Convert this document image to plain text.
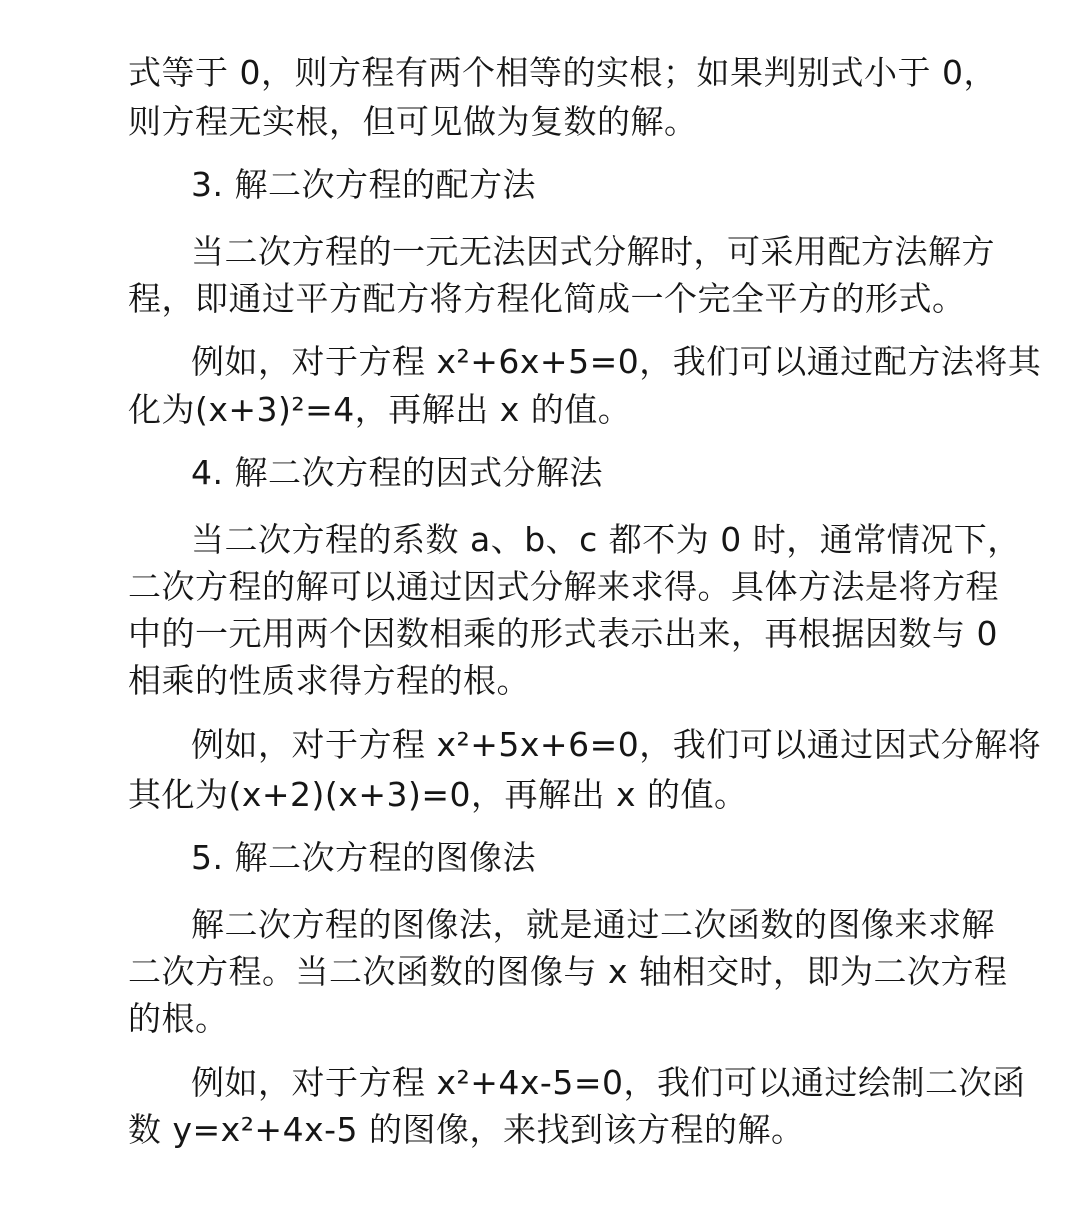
式等于 0，则方程有两个相等的实根；如果判别式小于 0，

则方程无实根，但可见做为复数的解。

3. 解二次方程的配方法

当二次方程的一元无法因式分解时，可采用配方法解方

程，即通过平方配方将方程化简成一个完全平方的形式。

例如，对于方程 x²+6x+5=0，我们可以通过配方法将其

化为(x+3)²=4，再解出 x 的值。

4. 解二次方程的因式分解法

当二次方程的系数 a、b、c 都不为 0 时，通常情况下，

二次方程的解可以通过因式分解来求得。具体方法是将方程

中的一元用两个因数相乘的形式表示出来，再根据因数与 0

相乘的性质求得方程的根。

例如，对于方程 x²+5x+6=0，我们可以通过因式分解将

其化为(x+2)(x+3)=0，再解出 x 的值。

5. 解二次方程的图像法

解二次方程的图像法，就是通过二次函数的图像来求解

二次方程。当二次函数的图像与 x 轴相交时，即为二次方程

的根。

例如，对于方程 x²+4x-5=0，我们可以通过绘制二次函

数 y=x²+4x-5 的图像，来找到该方程的解。
